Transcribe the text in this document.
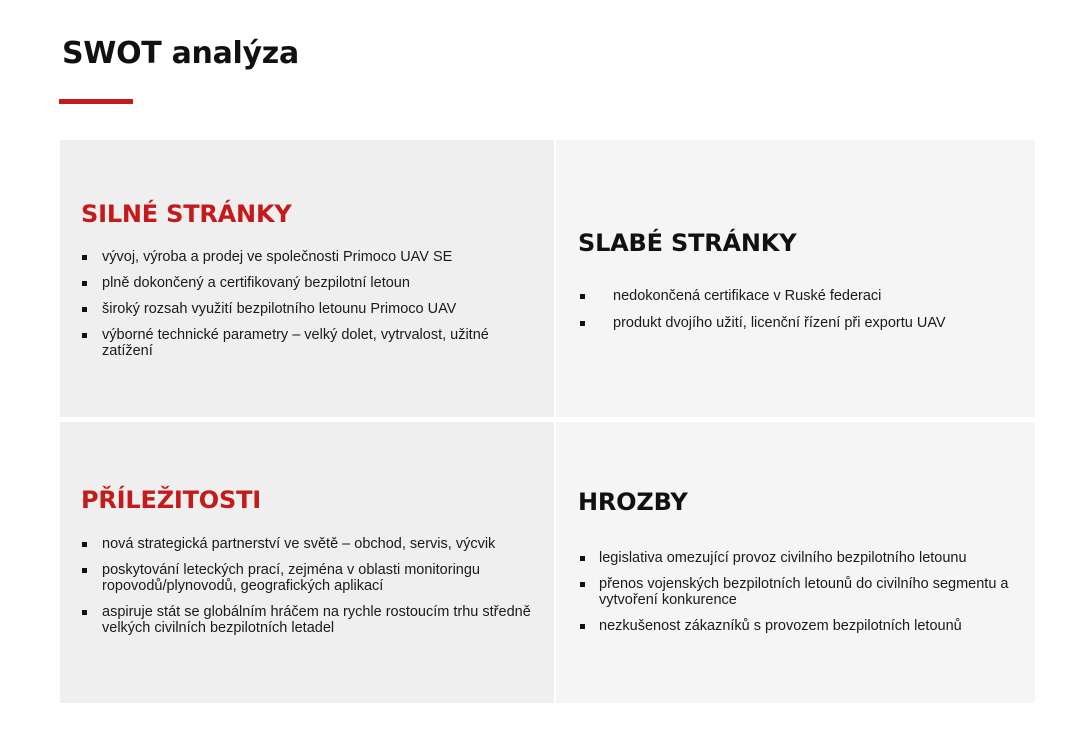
SWOT analýza
SILNÉ STRÁNKY
vývoj, výroba a prodej ve společnosti Primoco UAV SE
plně dokončený a certifikovaný bezpilotní letoun
široký rozsah využití bezpilotního letounu Primoco UAV
výborné technické parametry – velký dolet, vytrvalost, užitné zatížení
SLABÉ STRÁNKY
nedokončená certifikace v Ruské federaci
produkt dvojího užití, licenční řízení při exportu UAV
PŘÍLEŽITOSTI
nová strategická partnerství ve světě – obchod, servis, výcvik
poskytování leteckých prací, zejména v oblasti monitoringu ropovodů/plynovodů, geografických aplikací
aspiruje stát se globálním hráčem na rychle rostoucím trhu středně velkých civilních bezpilotních letadel
HROZBY
legislativa omezující provoz civilního bezpilotního letounu
přenos vojenských bezpilotních letounů do civilního segmentu a vytvoření konkurence
nezkušenost zákazníků s provozem bezpilotních letounů
